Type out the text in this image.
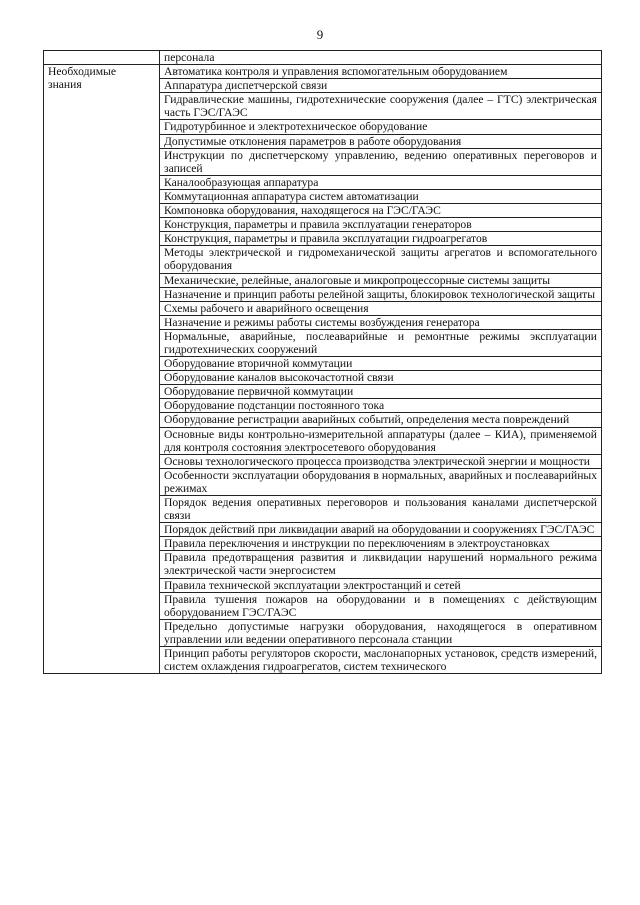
9
	персонала

Необходимые
знания	Автоматика контроля и управления вспомогательным оборудованием
	Аппаратура диспетчерской связи
	Гидравлические машины, гидротехнические сооружения (далее – ГТС) электрическая часть ГЭС/ГАЭС
	Гидротурбинное и электротехническое оборудование
	Допустимые отклонения параметров в работе оборудования
	Инструкции по диспетчерскому управлению, ведению оперативных переговоров и записей
	Каналообразующая аппаратура
	Коммутационная аппаратура систем автоматизации
	Компоновка оборудования, находящегося на ГЭС/ГАЭС
	Конструкция, параметры и правила эксплуатации генераторов
	Конструкция, параметры и правила эксплуатации гидроагрегатов
	Методы электрической и гидромеханической защиты агрегатов и вспомогательного оборудования
	Механические, релейные, аналоговые и микропроцессорные системы защиты
	Назначение и принцип работы релейной защиты, блокировок технологической защиты
	Схемы рабочего и аварийного освещения
	Назначение и режимы работы системы возбуждения генератора
	Нормальные, аварийные, послеаварийные и ремонтные режимы эксплуатации гидротехнических сооружений
	Оборудование вторичной коммутации
	Оборудование каналов высокочастотной связи
	Оборудование первичной коммутации
	Оборудование подстанции постоянного тока
	Оборудование регистрации аварийных событий, определения места повреждений
	Основные виды контрольно-измерительной аппаратуры (далее – КИА), применяемой для контроля состояния электросетевого оборудования
	Основы технологического процесса производства электрической энергии и мощности
	Особенности эксплуатации оборудования в нормальных, аварийных и послеаварийных режимах
	Порядок ведения оперативных переговоров и пользования каналами диспетчерской связи
	Порядок действий при ликвидации аварий на оборудовании и сооружениях ГЭС/ГАЭС
	Правила переключения и инструкции по переключениям в электроустановках
	Правила предотвращения развития и ликвидации нарушений нормального режима электрической части энергосистем
	Правила технической эксплуатации электростанций и сетей
	Правила тушения пожаров на оборудовании и в помещениях с действующим оборудованием ГЭС/ГАЭС
	Предельно допустимые нагрузки оборудования, находящегося в оперативном управлении или ведении оперативного персонала станции
	Принцип работы регуляторов скорости, маслонапорных установок, средств измерений, систем охлаждения гидроагрегатов, систем технического
